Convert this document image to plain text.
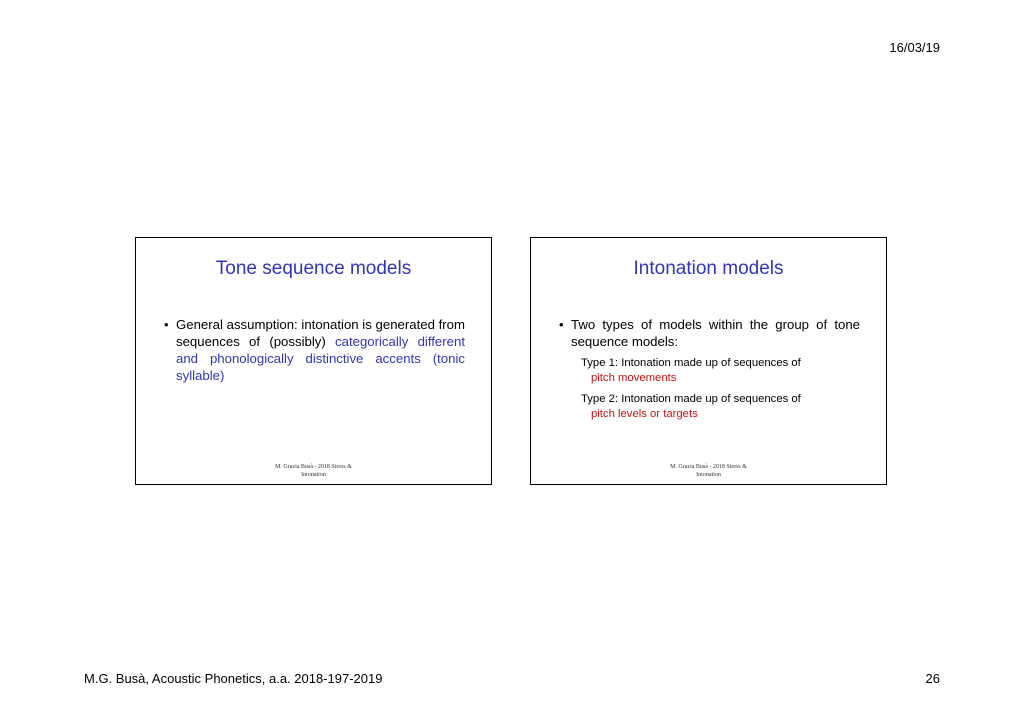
16/03/19
Tone sequence models
• General assumption: intonation is generated from sequences of (possibly) categorically different and phonologically distinctive accents (tonic syllable)
M. Grazia Busà - 2018 Stress &
Intonation
Intonation models
• Two types of models within the group of tone sequence models:
Type 1: Intonation made up of sequences of
pitch movements
Type 2: Intonation made up of sequences of
pitch levels or targets
M. Grazia Busà - 2018 Stress &
Intonation
M.G. Busà, Acoustic Phonetics, a.a. 2018-197-2019	26
